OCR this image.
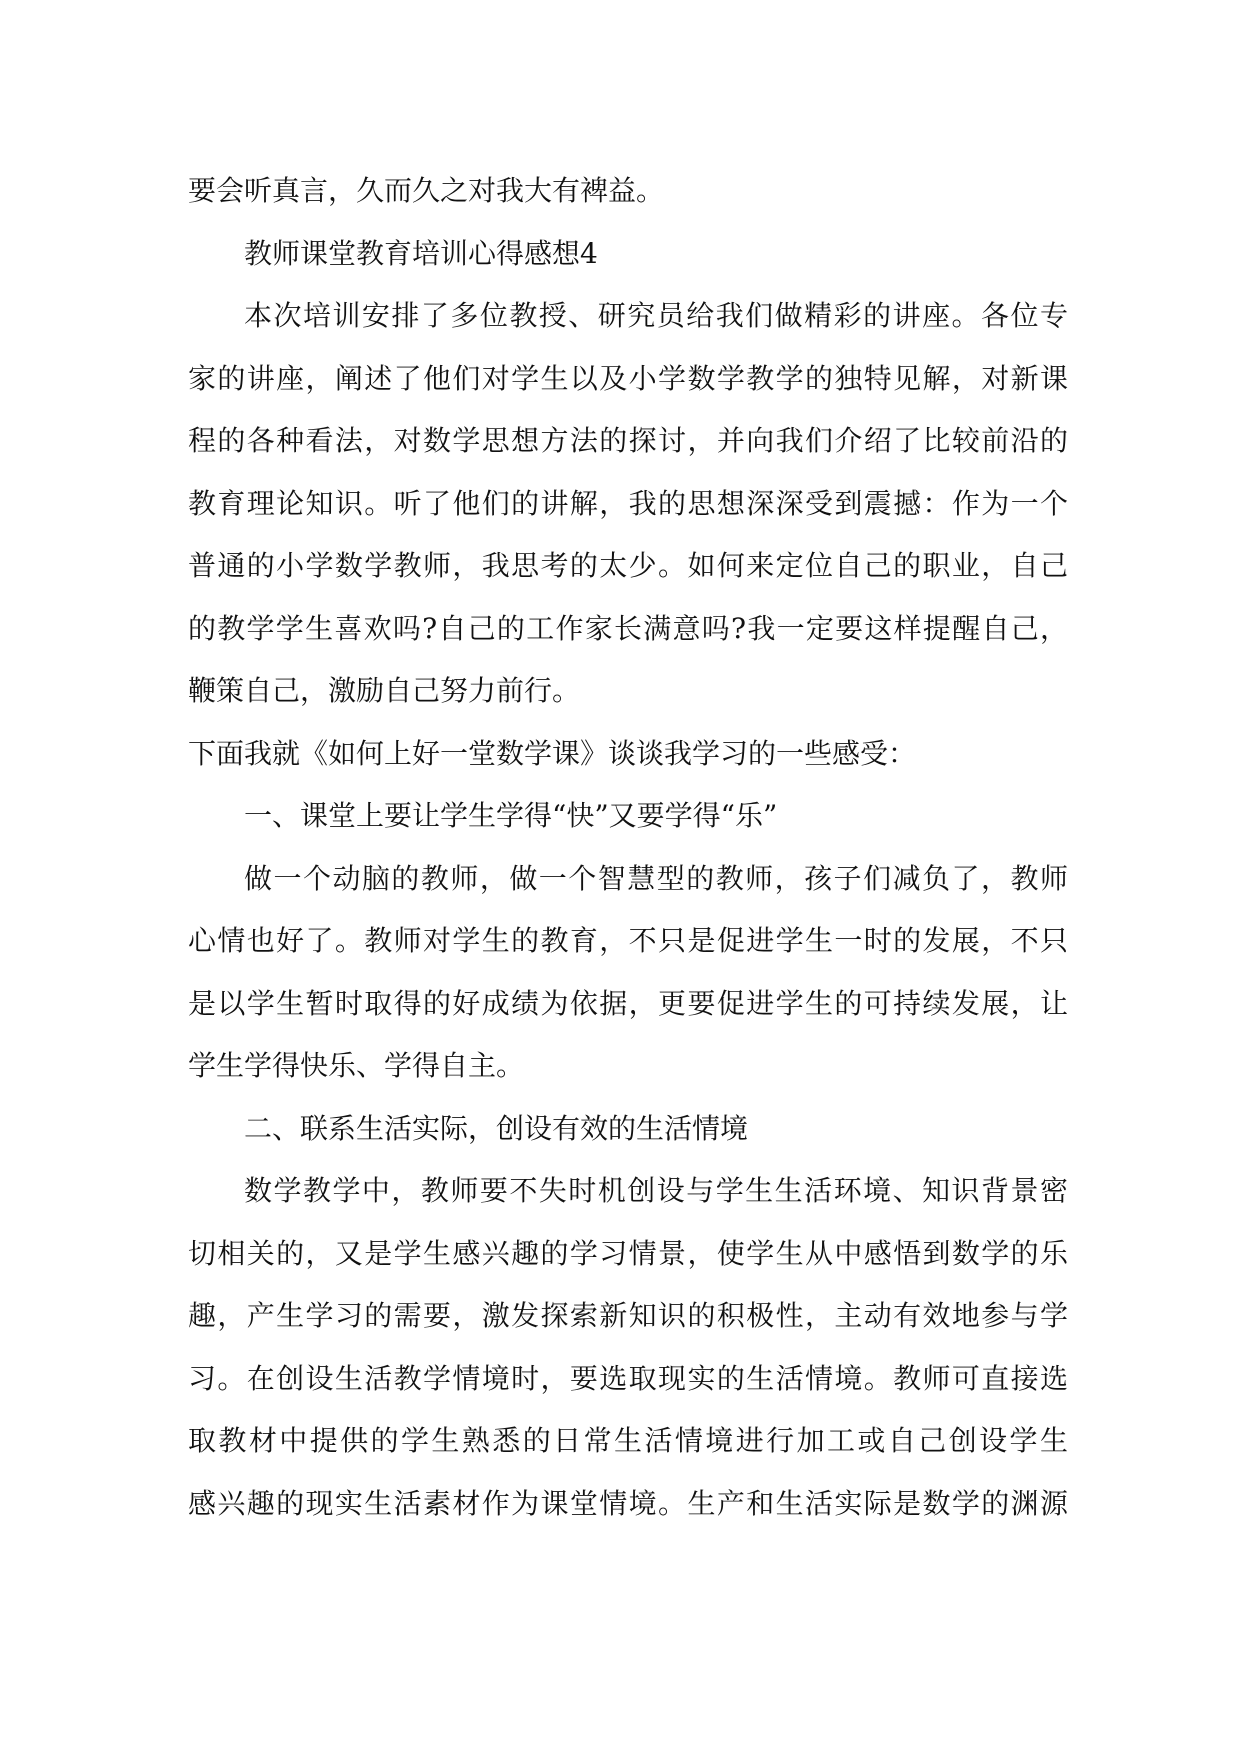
要会听真言，久而久之对我大有裨益。
教师课堂教育培训心得感想4
本次培训安排了多位教授、研究员给我们做精彩的讲座。各位专
家的讲座，阐述了他们对学生以及小学数学教学的独特见解，对新课
程的各种看法，对数学思想方法的探讨，并向我们介绍了比较前沿的
教育理论知识。听了他们的讲解，我的思想深深受到震撼：作为一个
普通的小学数学教师，我思考的太少。如何来定位自己的职业，自己
的教学学生喜欢吗?自己的工作家长满意吗?我一定要这样提醒自己，
鞭策自己，激励自己努力前行。
下面我就《如何上好一堂数学课》谈谈我学习的一些感受：
一、课堂上要让学生学得“快”又要学得“乐”
做一个动脑的教师，做一个智慧型的教师，孩子们减负了，教师
心情也好了。教师对学生的教育，不只是促进学生一时的发展，不只
是以学生暂时取得的好成绩为依据，更要促进学生的可持续发展，让
学生学得快乐、学得自主。
二、联系生活实际，创设有效的生活情境
数学教学中，教师要不失时机创设与学生生活环境、知识背景密
切相关的，又是学生感兴趣的学习情景，使学生从中感悟到数学的乐
趣，产生学习的需要，激发探索新知识的积极性，主动有效地参与学
习。在创设生活教学情境时，要选取现实的生活情境。教师可直接选
取教材中提供的学生熟悉的日常生活情境进行加工或自己创设学生
感兴趣的现实生活素材作为课堂情境。生产和生活实际是数学的渊源
